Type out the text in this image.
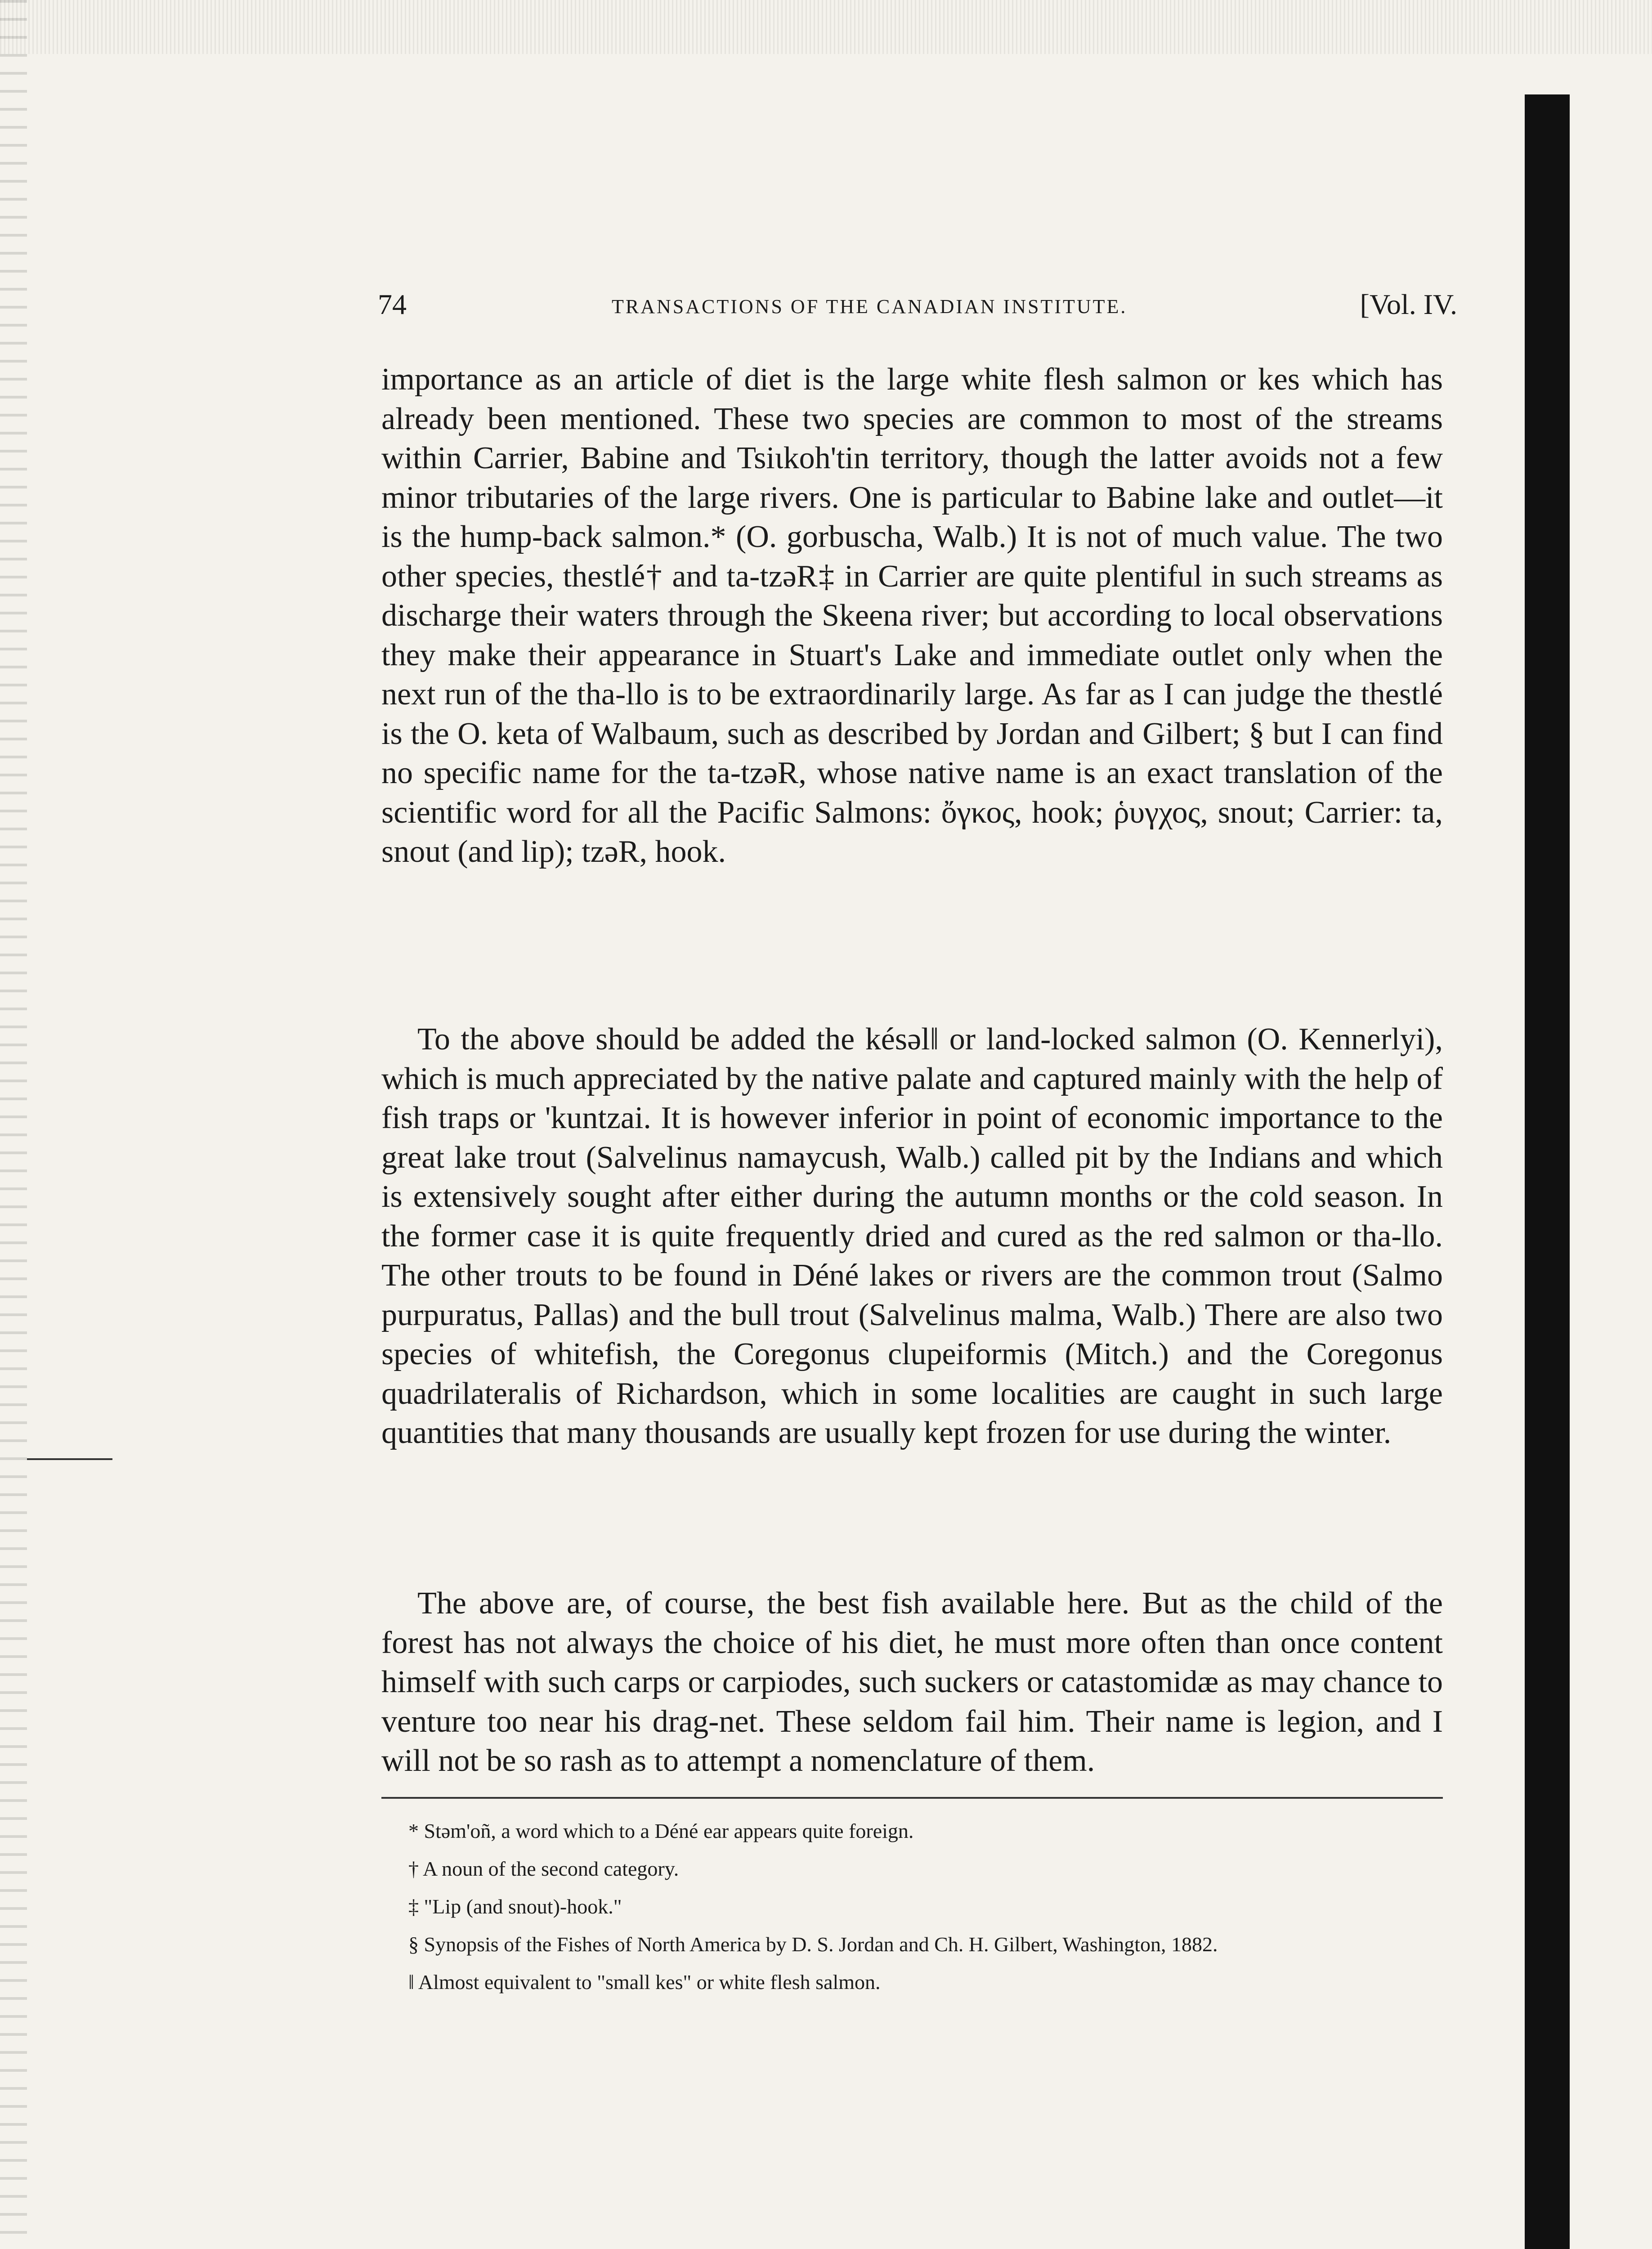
74	TRANSACTIONS OF THE CANADIAN INSTITUTE.	[Vol. IV.

importance as an article of diet is the large white flesh salmon or kes which has already been mentioned. These two species are common to most of the streams within Carrier, Babine and Tsiɩkoh'tin territory, though the latter avoids not a few minor tributaries of the large rivers. One is particular to Babine lake and outlet—it is the hump-back salmon.* (O. gorbuscha, Walb.) It is not of much value. The two other species, thestlé† and ta-tzəR‡ in Carrier are quite plentiful in such streams as discharge their waters through the Skeena river; but according to local observations they make their appearance in Stuart's Lake and immediate outlet only when the next run of the tha-llo is to be extraordinarily large. As far as I can judge the thestlé is the O. keta of Walbaum, such as described by Jordan and Gilbert; § but I can find no specific name for the ta-tzəR, whose native name is an exact translation of the scientific word for all the Pacific Salmons: ὄγκος, hook; ῥυγχος, snout; Carrier: ta, snout (and lip); tzəR, hook.

To the above should be added the késəl‖ or land-locked salmon (O. Kennerlyi), which is much appreciated by the native palate and captured mainly with the help of fish traps or 'kuntzai. It is however inferior in point of economic importance to the great lake trout (Salvelinus namaycush, Walb.) called pit by the Indians and which is extensively sought after either during the autumn months or the cold season. In the former case it is quite frequently dried and cured as the red salmon or tha-llo. The other trouts to be found in Déné lakes or rivers are the common trout (Salmo purpuratus, Pallas) and the bull trout (Salvelinus malma, Walb.) There are also two species of whitefish, the Coregonus clupeiformis (Mitch.) and the Coregonus quadrilateralis of Richardson, which in some localities are caught in such large quantities that many thousands are usually kept frozen for use during the winter.

The above are, of course, the best fish available here. But as the child of the forest has not always the choice of his diet, he must more often than once content himself with such carps or carpiodes, such suckers or catastomidæ as may chance to venture too near his drag-net. These seldom fail him. Their name is legion, and I will not be so rash as to attempt a nomenclature of them.

* Stəm'oñ, a word which to a Déné ear appears quite foreign.

† A noun of the second category.

‡ "Lip (and snout)-hook."

§ Synopsis of the Fishes of North America by D. S. Jordan and Ch. H. Gilbert, Washington, 1882.

‖ Almost equivalent to "small kes" or white flesh salmon.
